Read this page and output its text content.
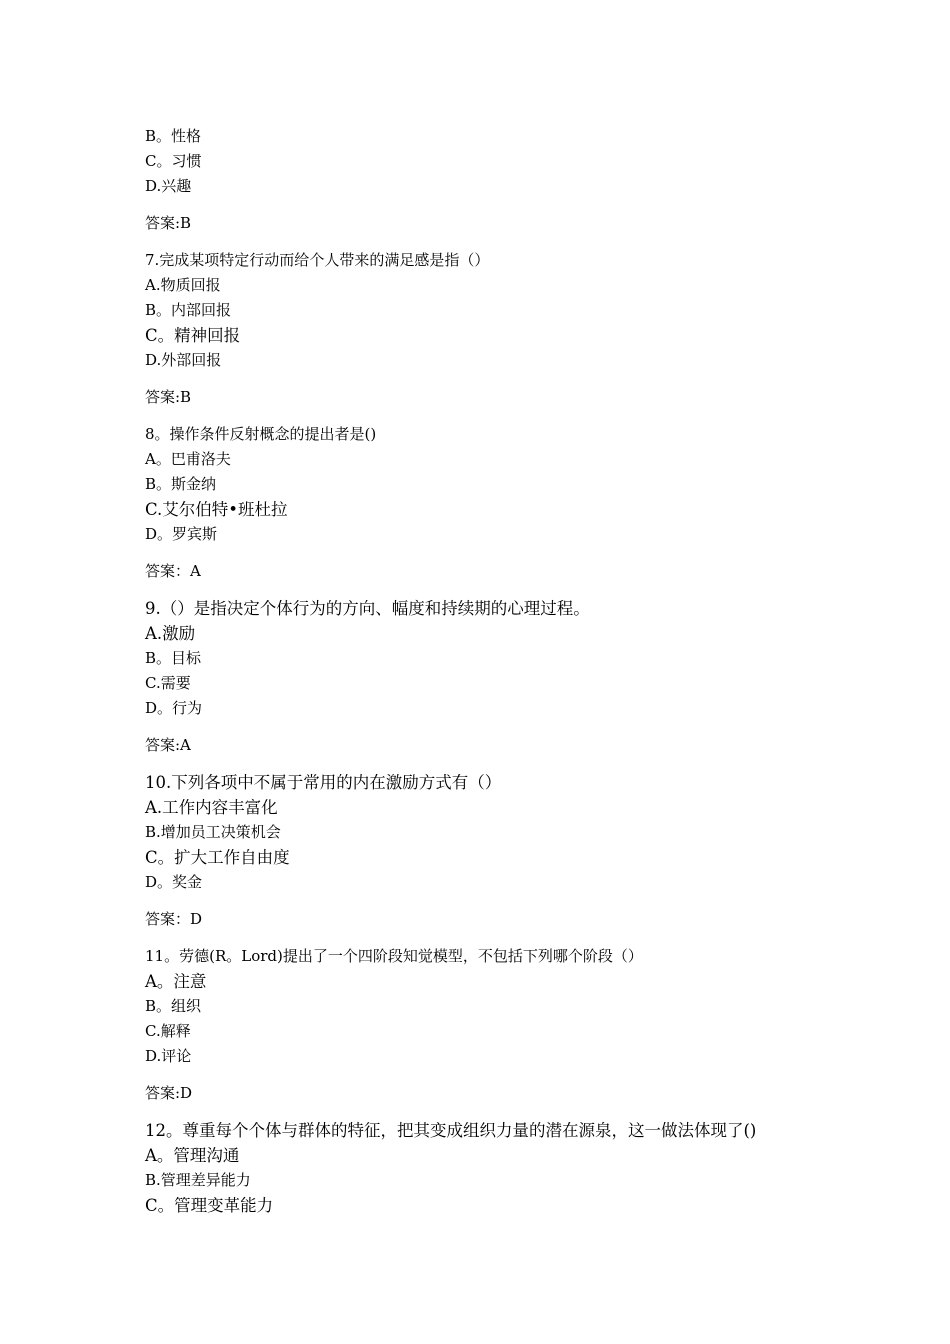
B。性格
C。习惯
D.兴趣
答案:B
7.完成某项特定行动而给个人带来的满足感是指（）
A.物质回报
B。内部回报
C。精神回报
D.外部回报
答案:B
8。操作条件反射概念的提出者是()
A。巴甫洛夫
B。斯金纳
C.艾尔伯特•班杜拉
D。罗宾斯
答案：A
9.（）是指决定个体行为的方向、幅度和持续期的心理过程。
A.激励
B。目标
C.需要
D。行为
答案:A
10.下列各项中不属于常用的内在激励方式有（）
A.工作内容丰富化
B.增加员工决策机会
C。扩大工作自由度
D。奖金
答案：D
11。劳德(R。Lord)提出了一个四阶段知觉模型，不包括下列哪个阶段（）
A。注意
B。组织
C.解释
D.评论
答案:D
12。尊重每个个体与群体的特征，把其变成组织力量的潜在源泉，这一做法体现了()
A。管理沟通
B.管理差异能力
C。管理变革能力
